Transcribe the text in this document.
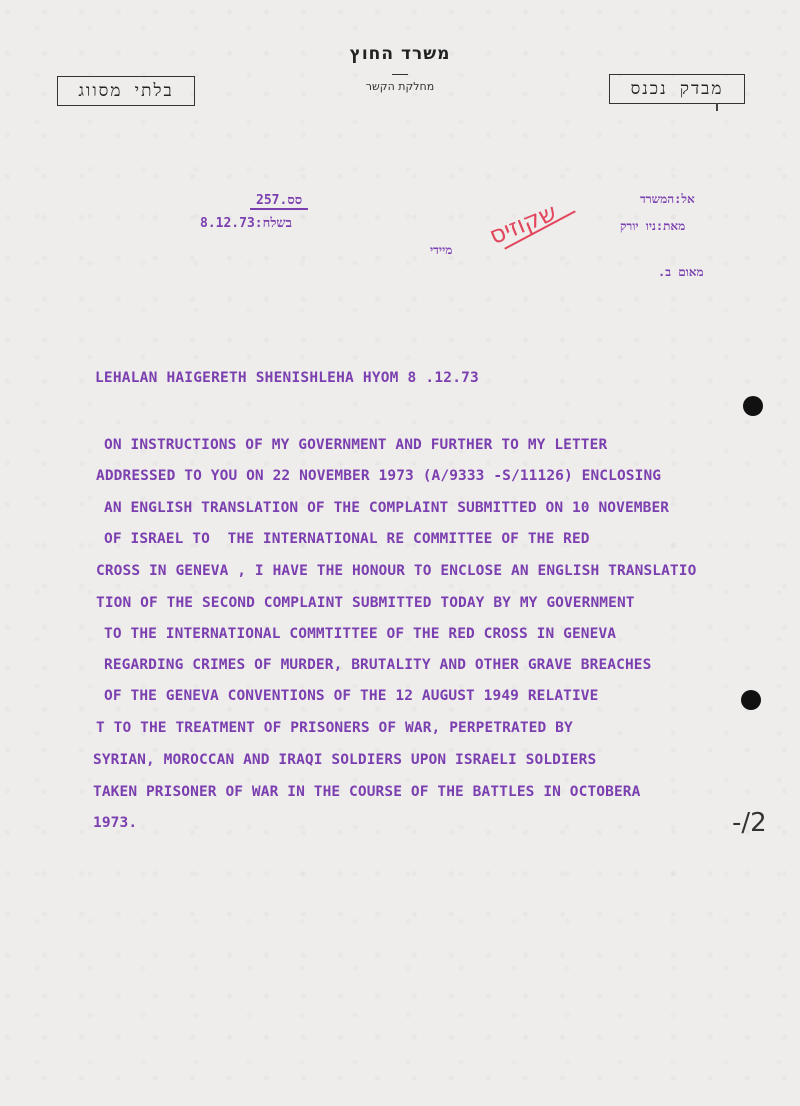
משרד החוץ
מחלקת הקשר
בלתי מסווג	מבדק נכנס
257.סס
8.12.73:בשלח
אל:המשרד
מאת:ניו יורק
מיידי
מאום ב.
שקוזיס
LEHALAN HAIGERETH SHENISHLEHA HYOM 8 .12.73
ON INSTRUCTIONS OF MY GOVERNMENT AND FURTHER TO MY LETTER
ADDRESSED TO YOU ON 22 NOVEMBER 1973 (A/9333 -S/11126) ENCLOSING
AN ENGLISH TRANSLATION OF THE COMPLAINT SUBMITTED ON 10 NOVEMBER
OF ISRAEL TO  THE INTERNATIONAL RE COMMITTEE OF THE RED
CROSS IN GENEVA , I HAVE THE HONOUR TO ENCLOSE AN ENGLISH TRANSLATIO
TION OF THE SECOND COMPLAINT SUBMITTED TODAY BY MY GOVERNMENT
TO THE INTERNATIONAL COMMTITTEE OF THE RED CROSS IN GENEVA
REGARDING CRIMES OF MURDER, BRUTALITY AND OTHER GRAVE BREACHES
OF THE GENEVA CONVENTIONS OF THE 12 AUGUST 1949 RELATIVE
T TO THE TREATMENT OF PRISONERS OF WAR, PERPETRATED BY
SYRIAN, MOROCCAN AND IRAQI SOLDIERS UPON ISRAELI SOLDIERS
TAKEN PRISONER OF WAR IN THE COURSE OF THE BATTLES IN OCTOBERA
1973.	-/2
